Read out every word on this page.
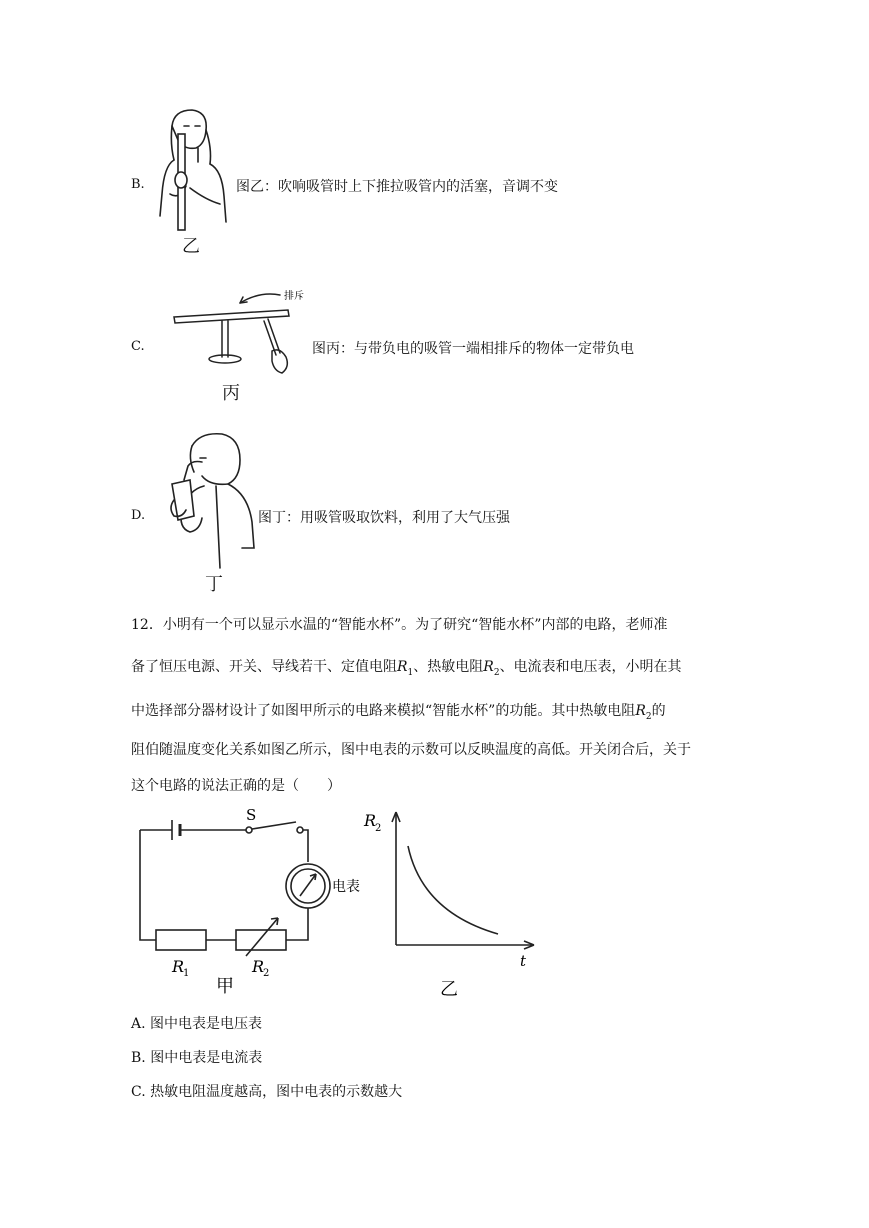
B.
乙
图乙：吹响吸管时上下推拉吸管内的活塞，音调不变
C.
排斥
丙
图丙：与带负电的吸管一端相排斥的物体一定带负电
D.
丁
图丁：用吸管吸取饮料，利用了大气压强
12．小明有一个可以显示水温的“智能水杯”。为了研究“智能水杯”内部的电路，老师准
备了恒压电源、开关、导线若干、定值电阻$R_1$、热敏电阻$R_2$、电流表和电压表，小明在其
中选择部分器材设计了如图甲所示的电路来模拟“智能水杯”的功能。其中热敏电阻$R_2$的
阻伯随温度变化关系如图乙所示，图中电表的示数可以反映温度的高低。开关闭合后，关于
这个电路的说法正确的是（　　）
S
电表
R
1	R
2
甲
R
2
t
乙
A. 图中电表是电压表
B. 图中电表是电流表
C. 热敏电阻温度越高，图中电表的示数越大
